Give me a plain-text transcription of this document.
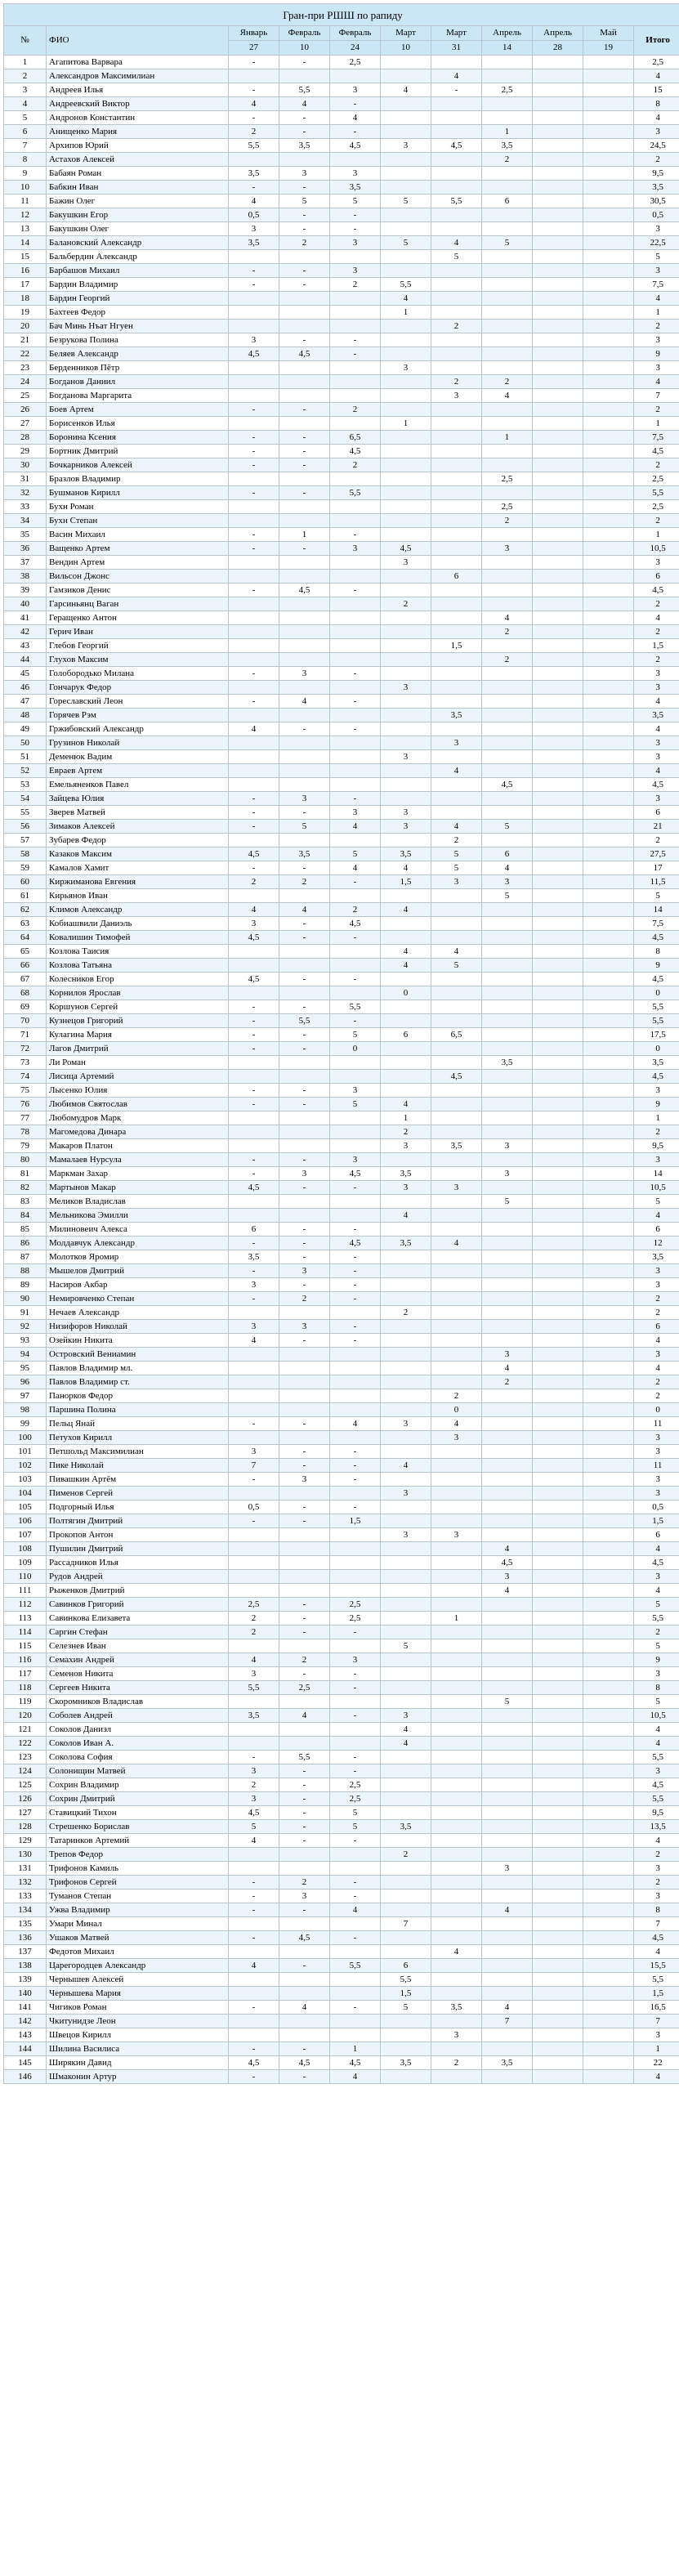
Гран-при РШШ по рапиду										
№	ФИО	Январь	Февраль	Февраль	Март	Март	Апрель	Апрель	Май	Итого
		27	10	24	10	31	14	28	19	
1	Агапитова Варвара	-	-	2,5						2,5
2	Александров Максимилиан					4				4
3	Андреев Илья	-	5,5	3	4	-	2,5			15
4	Андреевский Виктор	4	4	-						8
5	Андронов Константин	-	-	4						4
6	Анищенко Мария	2	-	-			1			3
7	Архипов Юрий	5,5	3,5	4,5	3	4,5	3,5			24,5
8	Астахов Алексей						2			2
9	Бабаян Роман	3,5	3	3						9,5
10	Бабкин Иван	-	-	3,5						3,5
11	Бажин Олег	4	5	5	5	5,5	6			30,5
12	Бакушкин Егор	0,5	-	-						0,5
13	Бакушкин Олег	3	-	-						3
14	Балановский Александр	3,5	2	3	5	4	5			22,5
15	Бальбердин Александр					5				5
16	Барбашов Михаил	-	-	3						3
17	Бардин Владимир	-	-	2	5,5					7,5
18	Бардин Георгий				4					4
19	Бахтеев Федор				1					1
20	Бач Минь Нъат Нгуен					2				2
21	Безрукова Полина	3	-	-						3
22	Беляев Александр	4,5	4,5	-						9
23	Берденников Пётр				3					3
24	Богданов Даниил					2	2			4
25	Богданова Маргарита					3	4			7
26	Боев Артем	-	-	2						2
27	Борисенков Илья				1					1
28	Боронина Ксения	-	-	6,5			1			7,5
29	Бортник Дмитрий	-	-	4,5						4,5
30	Бочкарников Алексей	-	-	2						2
31	Бразлов Владимир						2,5			2,5
32	Бушманов Кирилл	-	-	5,5						5,5
33	Бухн Роман						2,5			2,5
34	Бухн Степан						2			2
35	Васин Михаил	-	1	-						1
36	Ващенко Артем	-	-	3	4,5		3			10,5
37	Вендин Артем				3					3
38	Вильсон Джонс					6				6
39	Гамзиков Денис	-	4,5	-						4,5
40	Гарсиньянц Ваган				2					2
41	Геращенко Антон						4			4
42	Герич Иван						2			2
43	Глебов Георгий					1,5				1,5
44	Глухов Максим						2			2
45	Голобородько Милана	-	3	-						3
46	Гончарук Федор				3					3
47	Гореславский Леон	-	4	-						4
48	Горячев Рэм					3,5				3,5
49	Гржибовский Александр	4	-	-						4
50	Грузинов Николай					3				3
51	Деменюк Вадим				3					3
52	Евраев Артем					4				4
53	Емельяненков Павел						4,5			4,5
54	Зайцева Юлия	-	3	-						3
55	Зверев Матвей	-	-	3	3					6
56	Зимаков Алексей	-	5	4	3	4	5			21
57	Зубарев Федор					2				2
58	Казаков Максим	4,5	3,5	5	3,5	5	6			27,5
59	Камалов Хамит	-	-	4	4	5	4			17
60	Киржиманова Евгения	2	2	-	1,5	3	3			11,5
61	Кирьянов Иван						5			5
62	Климов Александр	4	4	2	4					14
63	Кобиашвили Даниэль	3	-	4,5						7,5
64	Ковалишин Тимофей	4,5	-	-						4,5
65	Козлова Таисия				4	4				8
66	Козлова Татьяна				4	5				9
67	Колесников Егор	4,5	-	-						4,5
68	Корнилов Ярослав				0					0
69	Коршунов Сергей	-	-	5,5						5,5
70	Кузнецов Григорий	-	5,5	-						5,5
71	Кулагина Мария	-	-	5	6	6,5				17,5
72	Лагов Дмитрий	-	-	0						0
73	Ли Роман						3,5			3,5
74	Лисица Артемий					4,5				4,5
75	Лысенко Юлия	-	-	3						3
76	Любимов Святослав	-	-	5	4					9
77	Любомудров Марк				1					1
78	Магомедова Динара				2					2
79	Макаров Платон				3	3,5	3			9,5
80	Мамалаев Нурсула	-	-	3						3
81	Маркман Захар	-	3	4,5	3,5		3			14
82	Мартынов Макар	4,5	-	-	3	3				10,5
83	Меликов Владислав						5			5
84	Мельникова Эмилли				4					4
85	Милиновеич Алекса	6	-	-						6
86	Молдавчук Александр	-	-	4,5	3,5	4				12
87	Молотков Яромир	3,5	-	-						3,5
88	Мышелов Дмитрий	-	3	-						3
89	Насиров Акбар	3	-	-						3
90	Немировченко Степан	-	2	-						2
91	Нечаев Александр				2					2
92	Низифоров Николай	3	3	-						6
93	Озейкин Никита	4	-	-						4
94	Островский Вениамин						3			3
95	Павлов Владимир мл.						4			4
96	Павлов Владимир ст.						2			2
97	Панорков Федор					2				2
98	Паршина Полина					0				0
99	Пельц Янай	-	-	4	3	4				11
100	Петухов Кирилл					3				3
101	Петшольд Максимилиан	3	-	-						3
102	Пике Николай	7	-	-	4					11
103	Пивашкин Артём	-	3	-						3
104	Пименов Сергей				3					3
105	Подгорный Илья	0,5	-	-						0,5
106	Полтягин Дмитрий	-	-	1,5						1,5
107	Прокопов Антон				3	3				6
108	Пушилин Дмитрий						4			4
109	Рассадников Илья						4,5			4,5
110	Рудов Андрей						3			3
111	Рыженков Дмитрий						4			4
112	Савинков Григорий	2,5	-	2,5						5
113	Савинкова Елизавета	2	-	2,5		1				5,5
114	Саргин Стефан	2	-	-						2
115	Селезнев Иван				5					5
116	Семахин Андрей	4	2	3						9
117	Семенов Никита	3	-	-						3
118	Сергеев Никита	5,5	2,5	-						8
119	Скоромников Владислав						5			5
120	Соболев Андрей	3,5	4	-	3					10,5
121	Соколов Даниэл				4					4
122	Соколов Иван А.				4					4
123	Соколова София	-	5,5	-						5,5
124	Солонищин Матвей	3	-	-						3
125	Сохрин Владимир	2	-	2,5						4,5
126	Сохрин Дмитрий	3	-	2,5						5,5
127	Ставицкий Тихон	4,5	-	5						9,5
128	Стрешенко Борислав	5	-	5	3,5					13,5
129	Татаринков Артемий	4	-	-						4
130	Трепов Федор				2					2
131	Трифонов Камиль						3			3
132	Трифонов Сергей	-	2	-						2
133	Туманов Степан	-	3	-						3
134	Ужва Владимир	-	-	4			4			8
135	Умари Минал				7					7
136	Ушаков Матвей	-	4,5	-						4,5
137	Федотов Михаил					4				4
138	Царегородцев Александр	4	-	5,5	6					15,5
139	Чернышев Алексей				5,5					5,5
140	Чернышева Мария				1,5					1,5
141	Чигиков Роман	-	4	-	5	3,5	4			16,5
142	Чкитунидзе Леон						7			7
143	Швецов Кирилл					3				3
144	Шилина Василиса	-	-	1						1
145	Ширякин Давид	4,5	4,5	4,5	3,5	2	3,5			22
146	Шмаконин Артур	-	-	4						4
